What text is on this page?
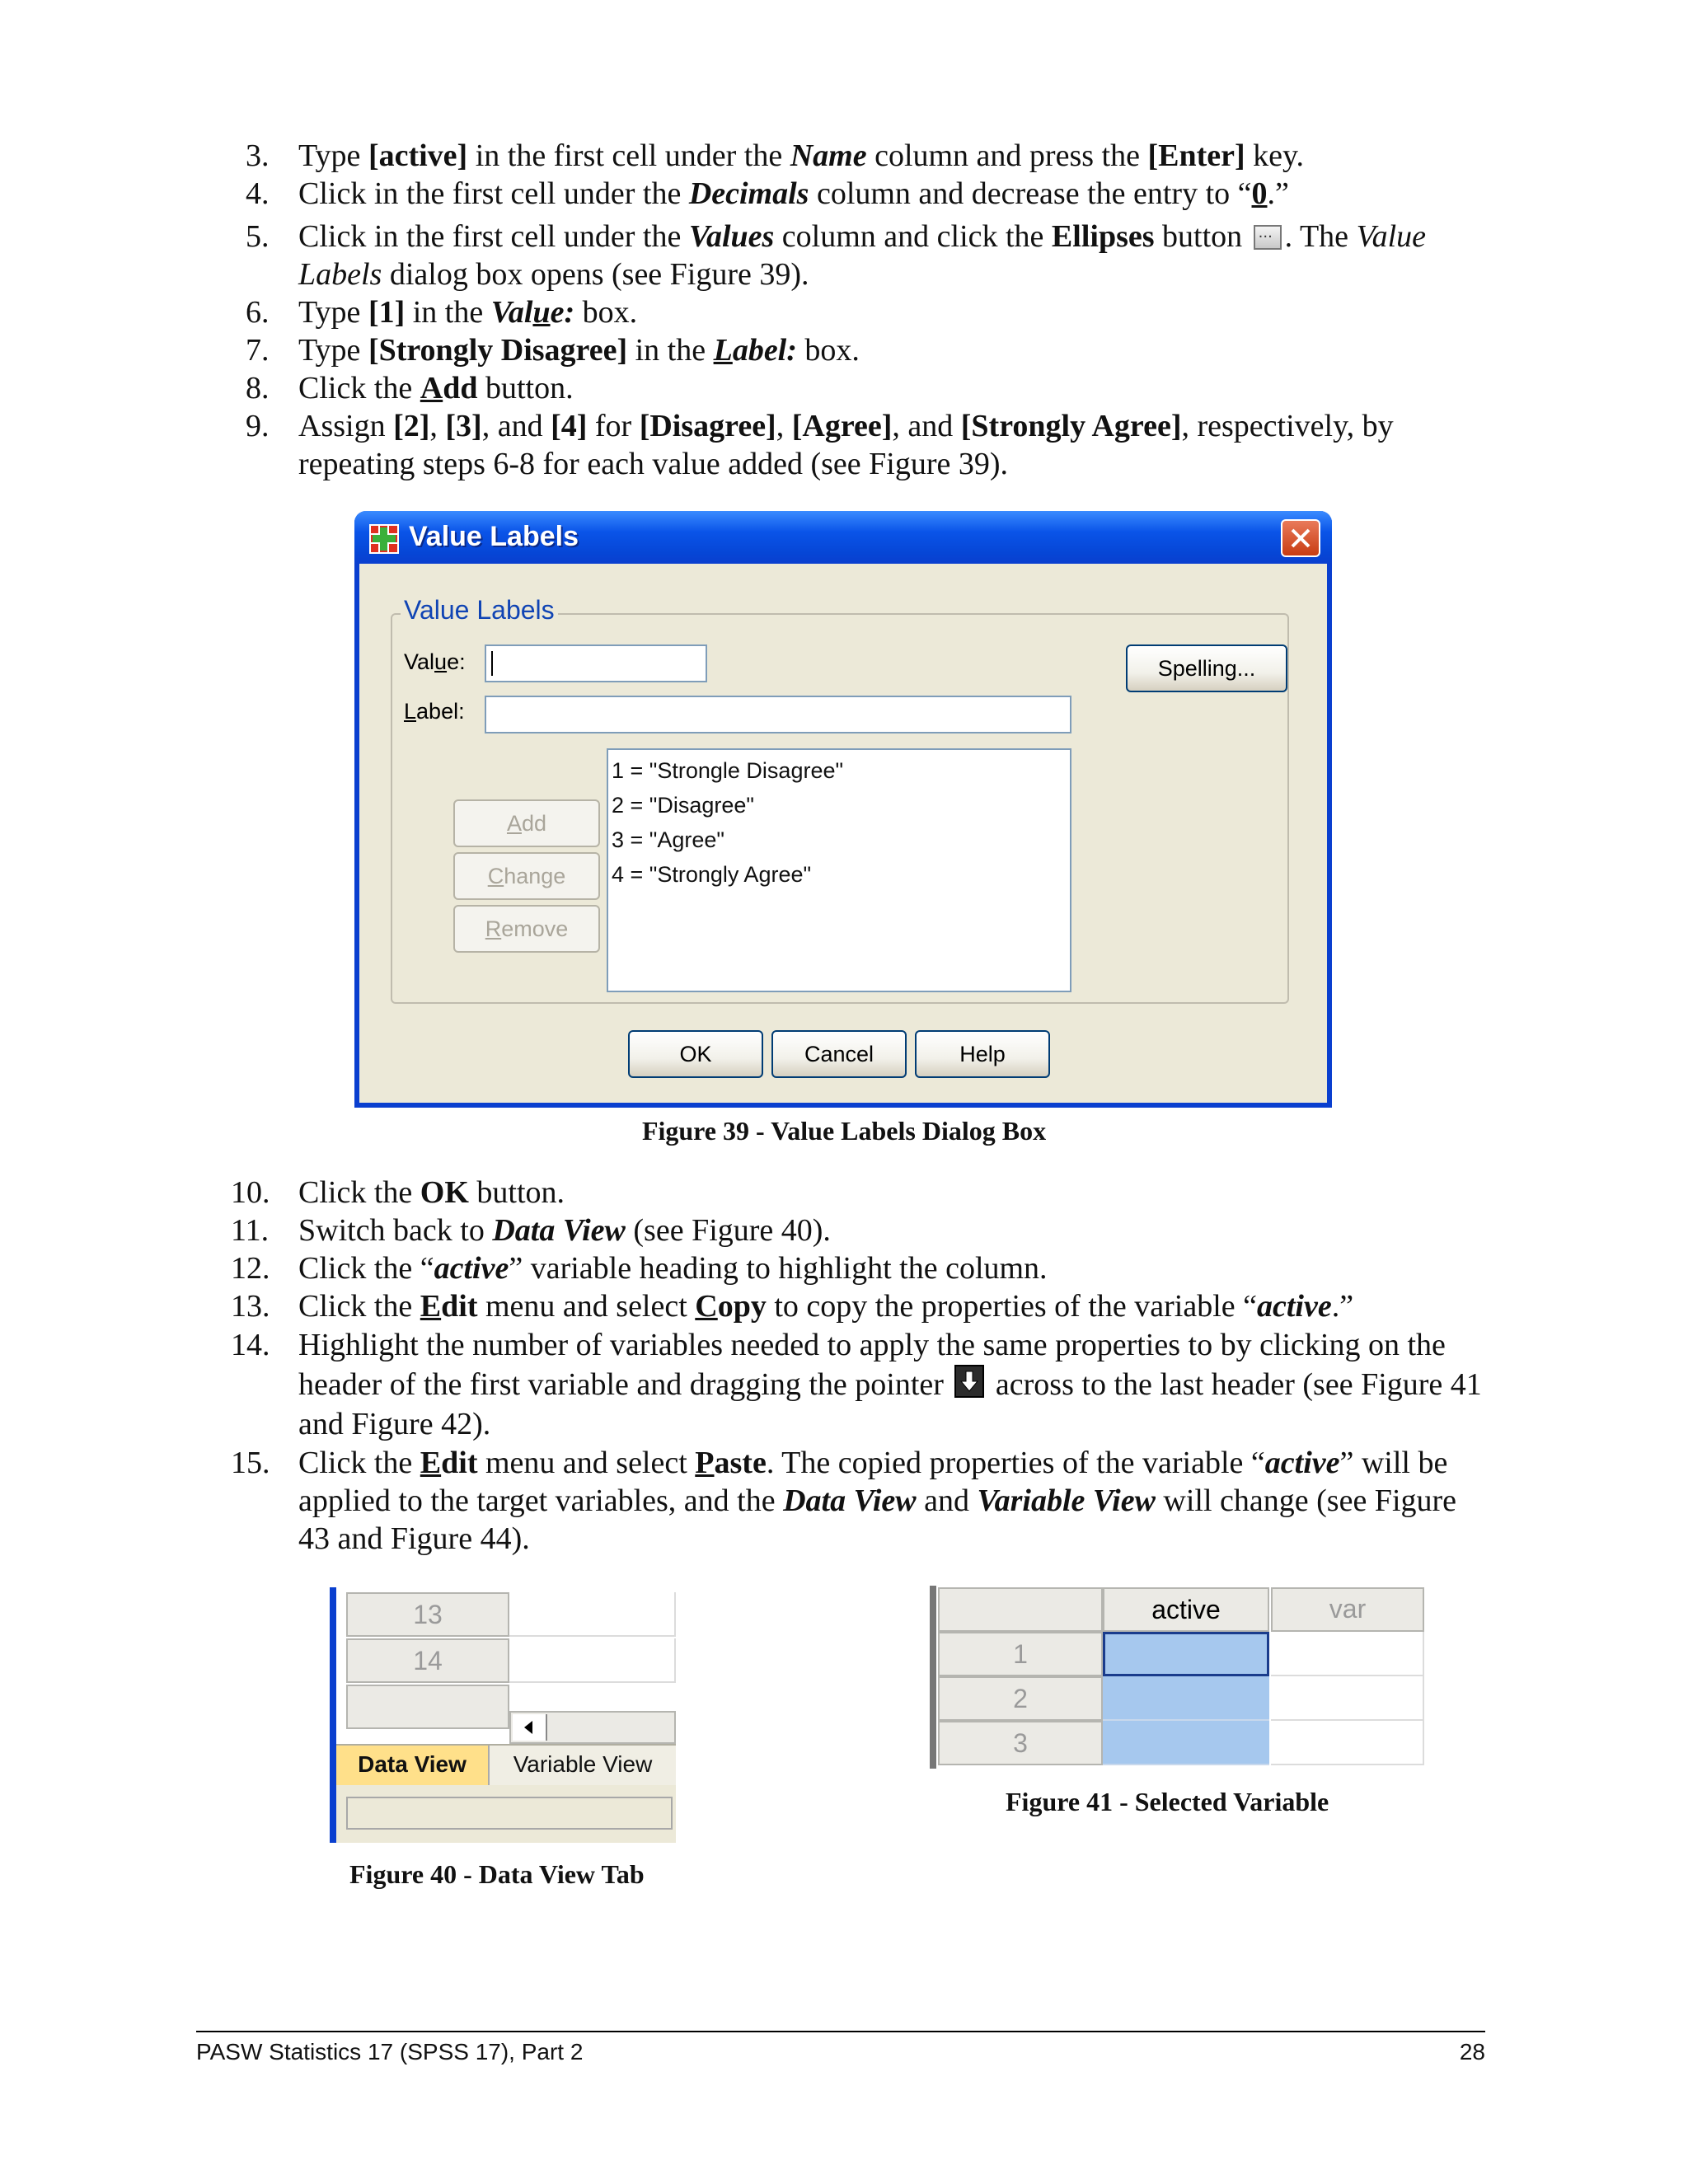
3. Type [active] in the first cell under the Name column and press the [Enter] key.
4. Click in the first cell under the Decimals column and decrease the entry to “0.”
5. Click in the first cell under the Values column and click the Ellipses button ···. The Value Labels dialog box opens (see Figure 39).
6. Type [1] in the Value: box.
7. Type [Strongly Disagree] in the Label: box.
8. Click the Add button.
9. Assign [2], [3], and [4] for [Disagree], [Agree], and [Strongly Agree], respectively, by repeating steps 6-8 for each value added (see Figure 39).
Value Labels
Value Labels
Value:
Label:
Spelling...
1 = "Strongle Disagree"
2 = "Disagree"
3 = "Agree"
4 = "Strongly Agree"
Add
Change
Remove
OK	Cancel	Help
Figure 39 - Value Labels Dialog Box
10. Click the OK button.
11. Switch back to Data View (see Figure 40).
12. Click the “active” variable heading to highlight the column.
13. Click the Edit menu and select Copy to copy the properties of the variable “active.”
14. Highlight the number of variables needed to apply the same properties to by clicking on the header of the first variable and dragging the pointer
across to the last header (see Figure 41 and Figure 42).
15. Click the Edit menu and select Paste. The copied properties of the variable “active” will be applied to the target variables, and the Data View and Variable View will change (see Figure 43 and Figure 44).
13
14
Data View	Variable View
Figure 40 - Data View Tab
active	var
1
2
3
Figure 41 - Selected Variable
PASW Statistics 17 (SPSS 17), Part 2	28
